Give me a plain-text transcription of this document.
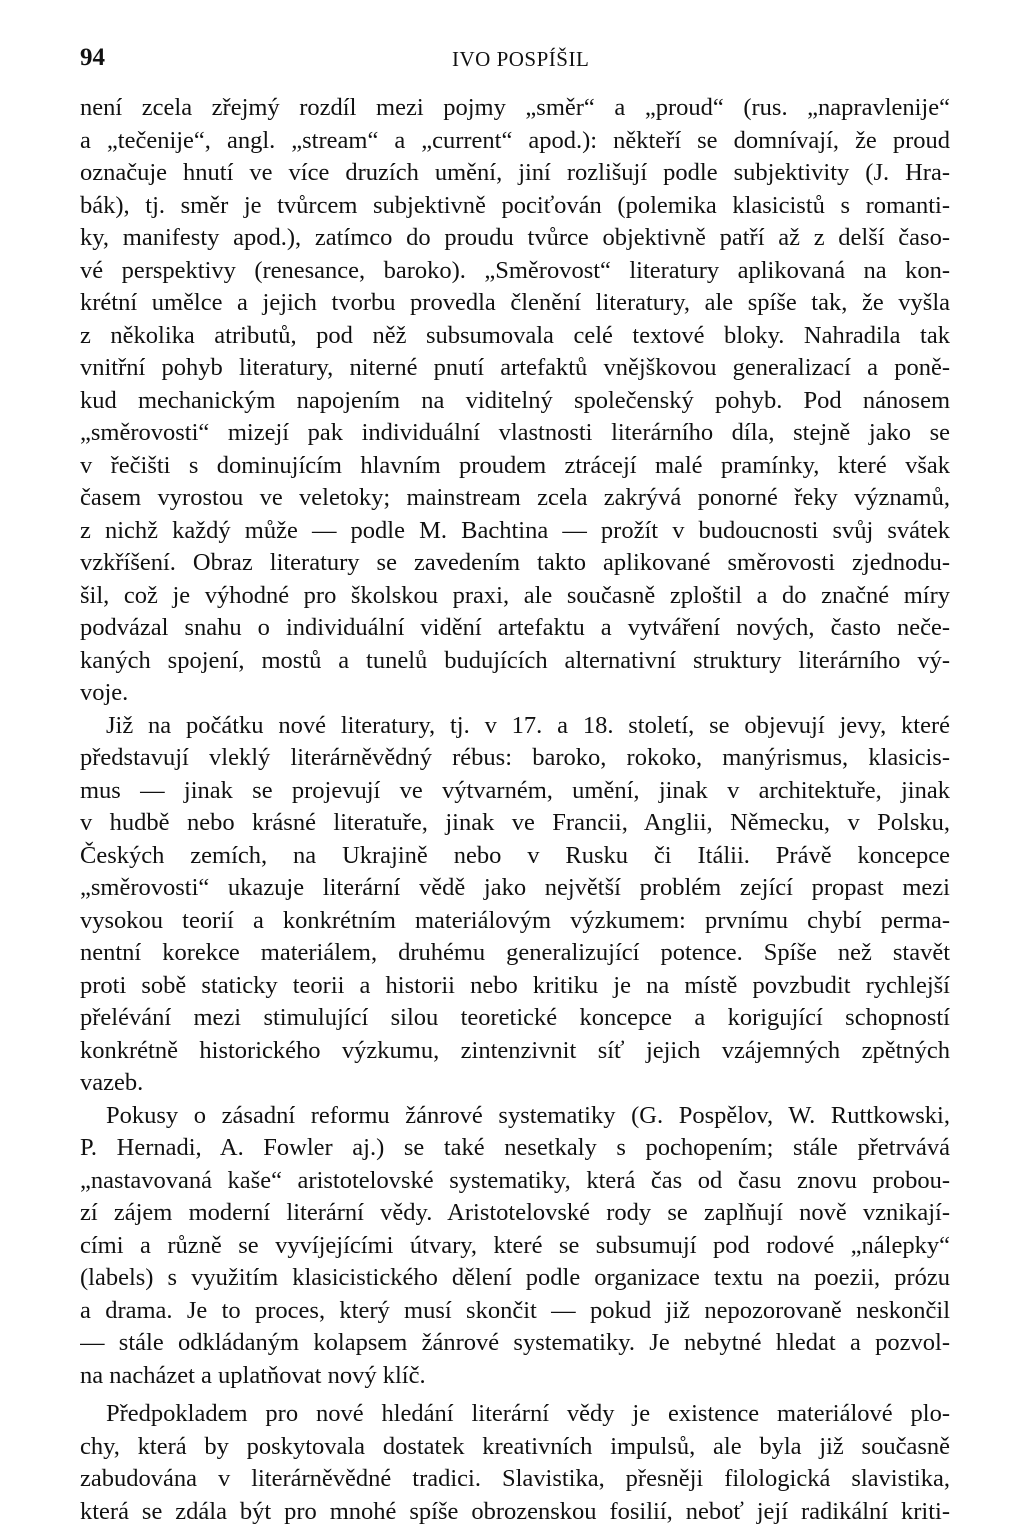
94	IVO POSPÍŠIL
není zcela zřejmý rozdíl mezi pojmy „směr“ a „proud“ (rus. „napravlenije“
a „tečenije“, angl. „stream“ a „current“ apod.): někteří se domnívají, že proud
označuje hnutí ve více druzích umění, jiní rozlišují podle subjektivity (J. Hra-
bák), tj. směr je tvůrcem subjektivně pociťován (polemika klasicistů s romanti-
ky, manifesty apod.), zatímco do proudu tvůrce objektivně patří až z delší časo-
vé perspektivy (renesance, baroko). „Směrovost“ literatury aplikovaná na kon-
krétní umělce a jejich tvorbu provedla členění literatury, ale spíše tak, že vyšla
z několika atributů, pod něž subsumovala celé textové bloky. Nahradila tak
vnitřní pohyb literatury, niterné pnutí artefaktů vnějškovou generalizací a poně-
kud mechanickým napojením na viditelný společenský pohyb. Pod nánosem
„směrovosti“ mizejí pak individuální vlastnosti literárního díla, stejně jako se
v řečišti s dominujícím hlavním proudem ztrácejí malé pramínky, které však
časem vyrostou ve veletoky; mainstream zcela zakrývá ponorné řeky významů,
z nichž každý může — podle M. Bachtina — prožít v budoucnosti svůj svátek
vzkříšení. Obraz literatury se zavedením takto aplikované směrovosti zjednodu-
šil, což je výhodné pro školskou praxi, ale současně zploštil a do značné míry
podvázal snahu o individuální vidění artefaktu a vytváření nových, často neče-
kaných spojení, mostů a tunelů budujících alternativní struktury literárního vý-
voje.
Již na počátku nové literatury, tj. v 17. a 18. století, se objevují jevy, které
představují vleklý literárněvědný rébus: baroko, rokoko, manýrismus, klasicis-
mus — jinak se projevují ve výtvarném, umění, jinak v architektuře, jinak
v hudbě nebo krásné literatuře, jinak ve Francii, Anglii, Německu, v Polsku,
Českých zemích, na Ukrajině nebo v Rusku či Itálii. Právě koncepce
„směrovosti“ ukazuje literární vědě jako největší problém zející propast mezi
vysokou teorií a konkrétním materiálovým výzkumem: prvnímu chybí perma-
nentní korekce materiálem, druhému generalizující potence. Spíše než stavět
proti sobě staticky teorii a historii nebo kritiku je na místě povzbudit rychlejší
přelévání mezi stimulující silou teoretické koncepce a korigující schopností
konkrétně historického výzkumu, zintenzivnit síť jejich vzájemných zpětných
vazeb.
Pokusy o zásadní reformu žánrové systematiky (G. Pospělov, W. Ruttkowski,
P. Hernadi, A. Fowler aj.) se také nesetkaly s pochopením; stále přetrvává
„nastavovaná kaše“ aristotelovské systematiky, která čas od času znovu probou-
zí zájem moderní literární vědy. Aristotelovské rody se zaplňují nově vznikají-
cími a různě se vyvíjejícími útvary, které se subsumují pod rodové „nálepky“
(labels) s využitím klasicistického dělení podle organizace textu na poezii, prózu
a drama. Je to proces, který musí skončit — pokud již nepozorovaně neskončil
— stále odkládaným kolapsem žánrové systematiky. Je nebytné hledat a pozvol-
na nacházet a uplatňovat nový klíč.
Předpokladem pro nové hledání literární vědy je existence materiálové plo-
chy, která by poskytovala dostatek kreativních impulsů, ale byla již současně
zabudována v literárněvědné tradici. Slavistika, přesněji filologická slavistika,
která se zdála být pro mnohé spíše obrozenskou fosilií, neboť její radikální kriti-
